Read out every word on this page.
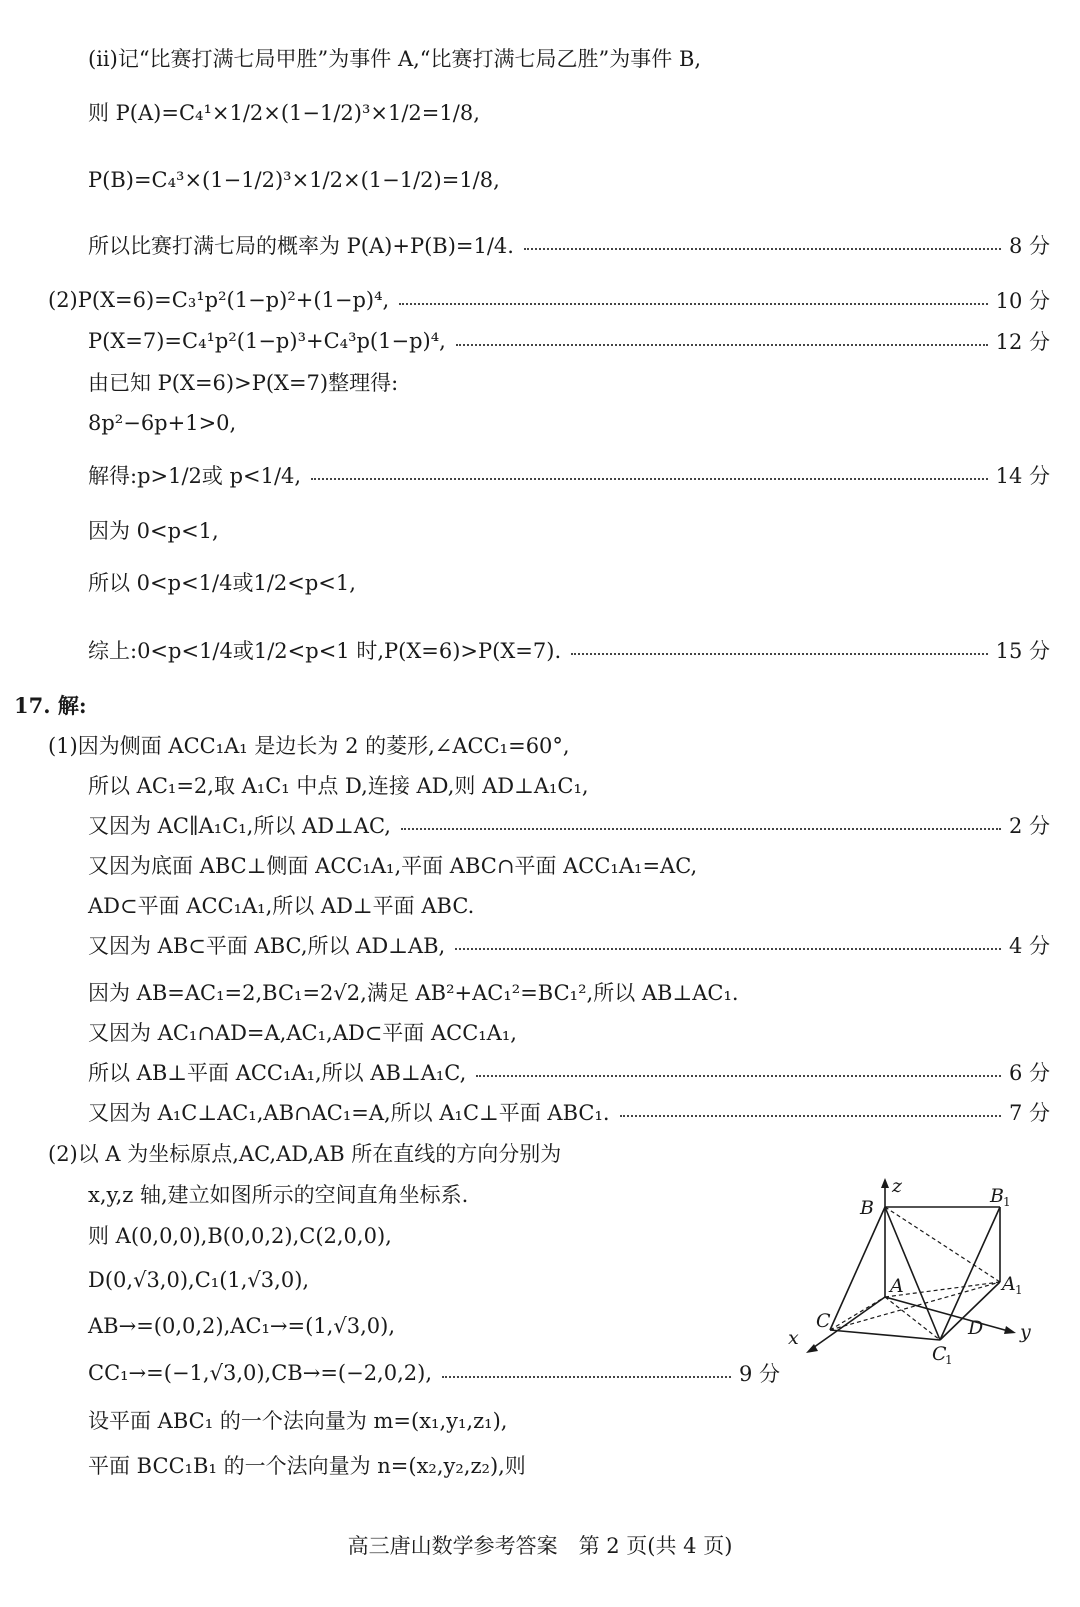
(ii)记“比赛打满七局甲胜”为事件 A,“比赛打满七局乙胜”为事件 B,
则 P(A)=C₄¹×1/2×(1−1/2)³×1/2=1/8,
P(B)=C₄³×(1−1/2)³×1/2×(1−1/2)=1/8,
所以比赛打满七局的概率为 P(A)+P(B)=1/4.	8 分
(2)P(X=6)=C₃¹p²(1−p)²+(1−p)⁴,	10 分
P(X=7)=C₄¹p²(1−p)³+C₄³p(1−p)⁴,	12 分
由已知 P(X=6)>P(X=7)整理得:
8p²−6p+1>0,
解得:p>1/2或 p<1/4,	14 分
因为 0<p<1,
所以 0<p<1/4或1/2<p<1,
综上:0<p<1/4或1/2<p<1 时,P(X=6)>P(X=7).	15 分
17. 解:
(1)因为侧面 ACC₁A₁ 是边长为 2 的菱形,∠ACC₁=60°,
所以 AC₁=2,取 A₁C₁ 中点 D,连接 AD,则 AD⊥A₁C₁,
又因为 AC∥A₁C₁,所以 AD⊥AC,	2 分
又因为底面 ABC⊥侧面 ACC₁A₁,平面 ABC∩平面 ACC₁A₁=AC,
AD⊂平面 ACC₁A₁,所以 AD⊥平面 ABC.
又因为 AB⊂平面 ABC,所以 AD⊥AB,	4 分
因为 AB=AC₁=2,BC₁=2√2,满足 AB²+AC₁²=BC₁²,所以 AB⊥AC₁.
又因为 AC₁∩AD=A,AC₁,AD⊂平面 ACC₁A₁,
所以 AB⊥平面 ACC₁A₁,所以 AB⊥A₁C,	6 分
又因为 A₁C⊥AC₁,AB∩AC₁=A,所以 A₁C⊥平面 ABC₁.	7 分
(2)以 A 为坐标原点,AC,AD,AB 所在直线的方向分别为
x,y,z 轴,建立如图所示的空间直角坐标系.
则 A(0,0,0),B(0,0,2),C(2,0,0),
D(0,√3,0),C₁(1,√3,0),
AB→=(0,0,2),AC₁→=(1,√3,0),
CC₁→=(−1,√3,0),CB→=(−2,0,2),	9 分
设平面 ABC₁ 的一个法向量为 m=(x₁,y₁,z₁),
平面 BCC₁B₁ 的一个法向量为 n=(x₂,y₂,z₂),则
z
B
B 1
A	A 1
C
C
1
D
x	y
高三唐山数学参考答案　第 2 页(共 4 页)
